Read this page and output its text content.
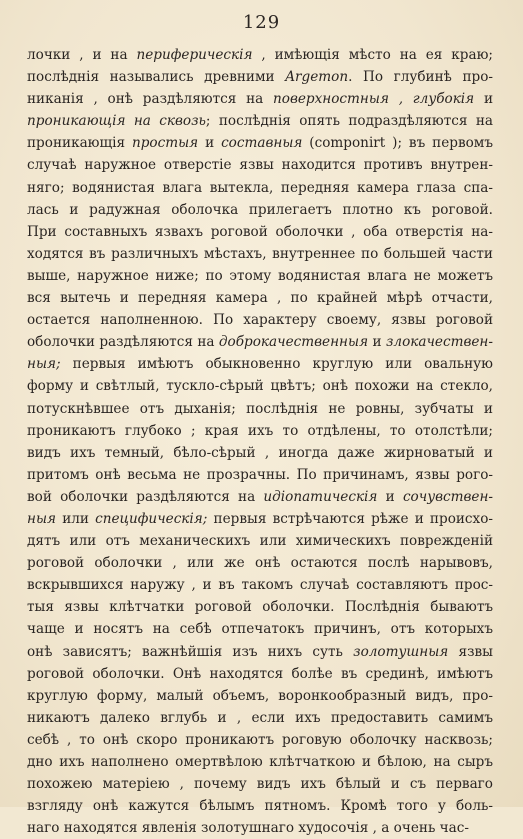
129
лочки , и на периферическія , имѣющія мѣсто на ея краю;
послѣднія назывались древними Argemon. По глубинѣ про-
никанія , онѣ раздѣляются на поверхностныя , глубокія и
проникающія на сквозь; послѣднія опять подраздѣляются на
проникающія простыя и составныя (componirt ); въ первомъ
случаѣ наружное отверстіе язвы находится противъ внутрен-
няго; водянистая влага вытекла, передняя камера глаза спа-
лась и радужная оболочка прилегаетъ плотно къ роговой.
При составныхъ язвахъ роговой оболочки , оба отверстія на-
ходятся въ различныхъ мѣстахъ, внутреннее по большей части
выше, наружное ниже; по этому водянистая влага не можетъ
вся вытечь и передняя камера , по крайней мѣрѣ отчасти,
остается наполненною. По характеру своему, язвы роговой
оболочки раздѣляются на доброкачественныя и злокачествен-
ныя; первыя имѣютъ обыкновенно круглую или овальную
форму и свѣтлый, тускло-сѣрый цвѣтъ; онѣ похожи на стекло,
потускнѣвшее отъ дыханія; послѣднія не ровны, зубчаты и
проникаютъ глубоко ; края ихъ то отдѣлены, то отолстѣли;
видъ ихъ темный, бѣло-сѣрый , иногда даже жирноватый и
притомъ онѣ весьма не прозрачны. По причинамъ, язвы рого-
вой оболочки раздѣляются на идіопатическія и сочувствен-
ныя или специфическія; первыя встрѣчаются рѣже и происхо-
дятъ или отъ механическихъ или химическихъ поврежденій
роговой оболочки , или же онѣ остаются послѣ нарывовъ,
вскрывшихся наружу , и въ такомъ случаѣ составляютъ прос-
тыя язвы клѣтчатки роговой оболочки. Послѣднія бываютъ
чаще и носятъ на себѣ отпечатокъ причинъ, отъ которыхъ
онѣ зависятъ; важнѣйшія изъ нихъ суть золотушныя язвы
роговой оболочки. Онѣ находятся болѣе въ срединѣ, имѣютъ
круглую форму, малый объемъ, воронкообразный видъ, про-
никаютъ далеко вглубь и , если ихъ предоставить самимъ
себѣ , то онѣ скоро проникаютъ роговую оболочку насквозь;
дно ихъ наполнено омертвѣлою клѣтчаткою и бѣлою, на сыръ
похожею матеріею , почему видъ ихъ бѣлый и съ перваго
взгляду онѣ кажутся бѣлымъ пятномъ. Кромѣ того у боль-
наго находятся явленія золотушнаго худосочія , а очень час-
